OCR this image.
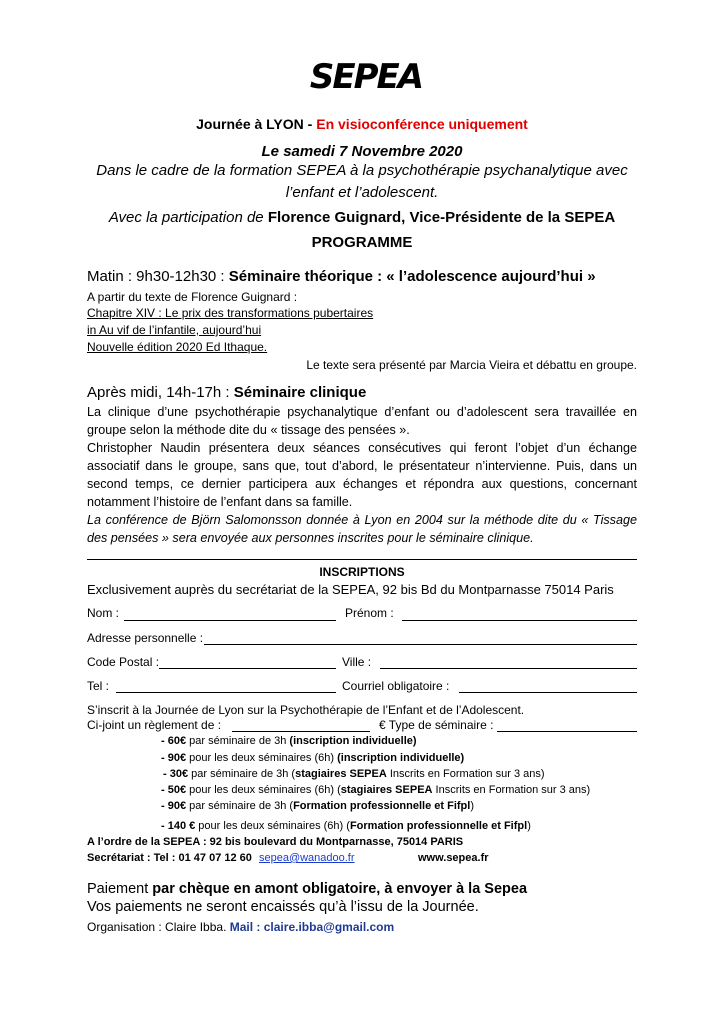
SEPEA
Journée à LYON - En visioconférence uniquement
Le samedi 7 Novembre 2020
Dans le cadre de la formation SEPEA à la psychothérapie psychanalytique avec
l’enfant et l’adolescent.
Avec la participation de Florence Guignard, Vice-Présidente de la SEPEA
PROGRAMME
Matin : 9h30-12h30 : Séminaire théorique : « l’adolescence aujourd’hui »
A partir du texte de Florence Guignard :
Chapitre XIV : Le prix des transformations pubertaires
in Au vif de l’infantile, aujourd’hui
Nouvelle édition 2020 Ed Ithaque.
Le texte sera présenté par Marcia Vieira et débattu en groupe.
Après midi, 14h-17h : Séminaire clinique
La clinique d’une psychothérapie psychanalytique d’enfant ou d’adolescent sera travaillée en groupe selon la méthode dite du « tissage des pensées ».
Christopher Naudin présentera deux séances consécutives qui feront l’objet d’un échange associatif dans le groupe, sans que, tout d’abord, le présentateur n’intervienne. Puis, dans un second temps, ce dernier participera aux échanges et répondra aux questions, concernant notamment l’histoire de l’enfant dans sa famille.
La conférence de Björn Salomonsson donnée à Lyon en 2004 sur la méthode dite du « Tissage des pensées » sera envoyée aux personnes inscrites pour le séminaire clinique.
INSCRIPTIONS
Exclusivement auprès du secrétariat de la SEPEA, 92 bis Bd du Montparnasse 75014 Paris
Nom :	Prénom :
Adresse personnelle :
Code Postal :	Ville :
Tel :	Courriel obligatoire :
S’inscrit à la Journée de Lyon sur la Psychothérapie de l’Enfant et de l’Adolescent.
Ci-joint un règlement de :	€ Type de séminaire :
- 60€ par séminaire de 3h (inscription individuelle)
- 90€ pour les deux séminaires (6h) (inscription individuelle)
- 30€ par séminaire de 3h (stagiaires SEPEA Inscrits en Formation sur 3 ans)
- 50€ pour les deux séminaires (6h) (stagiaires SEPEA Inscrits en Formation sur 3 ans)
- 90€ par séminaire de 3h (Formation professionnelle et Fifpl)
- 140 € pour les deux séminaires (6h) (Formation professionnelle et Fifpl)
A l’ordre de la SEPEA : 92 bis boulevard du Montparnasse, 75014 PARIS
Secrétariat : Tel : 01 47 07 12 60 sepea@wanadoo.fr	www.sepea.fr
Paiement par chèque en amont obligatoire, à envoyer à la Sepea
Vos paiements ne seront encaissés qu’à l’issu de la Journée.
Organisation : Claire Ibba. Mail : claire.ibba@gmail.com
